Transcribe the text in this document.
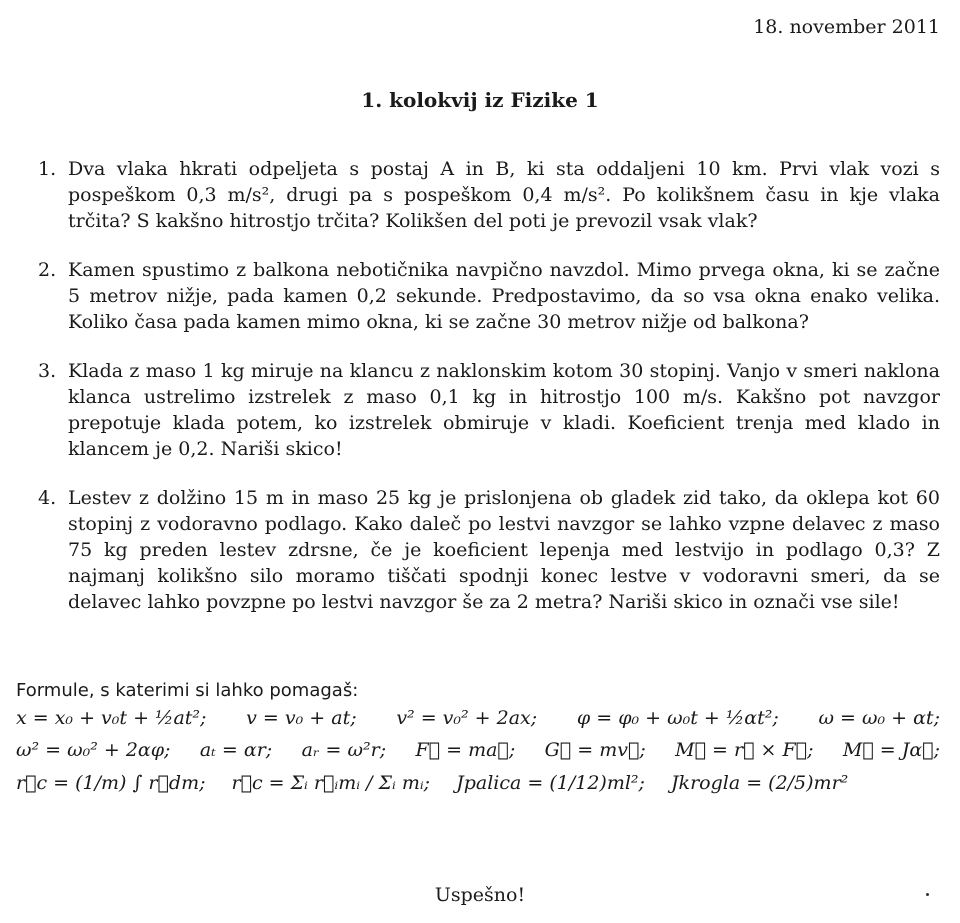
18. november 2011
1. kolokvij iz Fizike 1
1. Dva vlaka hkrati odpeljeta s postaj A in B, ki sta oddaljeni 10 km. Prvi vlak vozi s pospeškom 0,3 m/s², drugi pa s pospeškom 0,4 m/s². Po kolikšnem času in kje vlaka trčita? S kakšno hitrostjo trčita? Kolikšen del poti je prevozil vsak vlak?
2. Kamen spustimo z balkona nebotičnika navpično navzdol. Mimo prvega okna, ki se začne 5 metrov nižje, pada kamen 0,2 sekunde. Predpostavimo, da so vsa okna enako velika. Koliko časa pada kamen mimo okna, ki se začne 30 metrov nižje od balkona?
3. Klada z maso 1 kg miruje na klancu z naklonskim kotom 30 stopinj. Vanjo v smeri naklona klanca ustrelimo izstrelek z maso 0,1 kg in hitrostjo 100 m/s. Kakšno pot navzgor prepotuje klada potem, ko izstrelek obmiruje v kladi. Koeficient trenja med klado in klancem je 0,2. Nariši skico!
4. Lestev z dolžino 15 m in maso 25 kg je prislonjena ob gladek zid tako, da oklepa kot 60 stopinj z vodoravno podlago. Kako daleč po lestvi navzgor se lahko vzpne delavec z maso 75 kg preden lestev zdrsne, če je koeficient lepenja med lestvijo in podlago 0,3? Z najmanj kolikšno silo moramo tiščati spodnji konec lestve v vodoravni smeri, da se delavec lahko povzpne po lestvi navzgor še za 2 metra? Nariši skico in označi vse sile!
Formule, s katerimi si lahko pomagaš:
x = x₀ + v₀t + ½at²; v = v₀ + at; v² = v₀² + 2ax; φ = φ₀ + ω₀t + ½αt²; ω = ω₀ + αt;
ω² = ω₀² + 2αφ; aₜ = αr; aᵣ = ω²r; F⃗ = ma⃗; G⃗ = mv⃗; M⃗ = r⃗ × F⃗; M⃗ = Jα⃗;
r⃗c = (1/m) ∫ r⃗dm; r⃗c = Σᵢ r⃗ᵢmᵢ / Σᵢ mᵢ; Jpalica = (1/12)ml²; Jkrogla = (2/5)mr²
Uspešno!
